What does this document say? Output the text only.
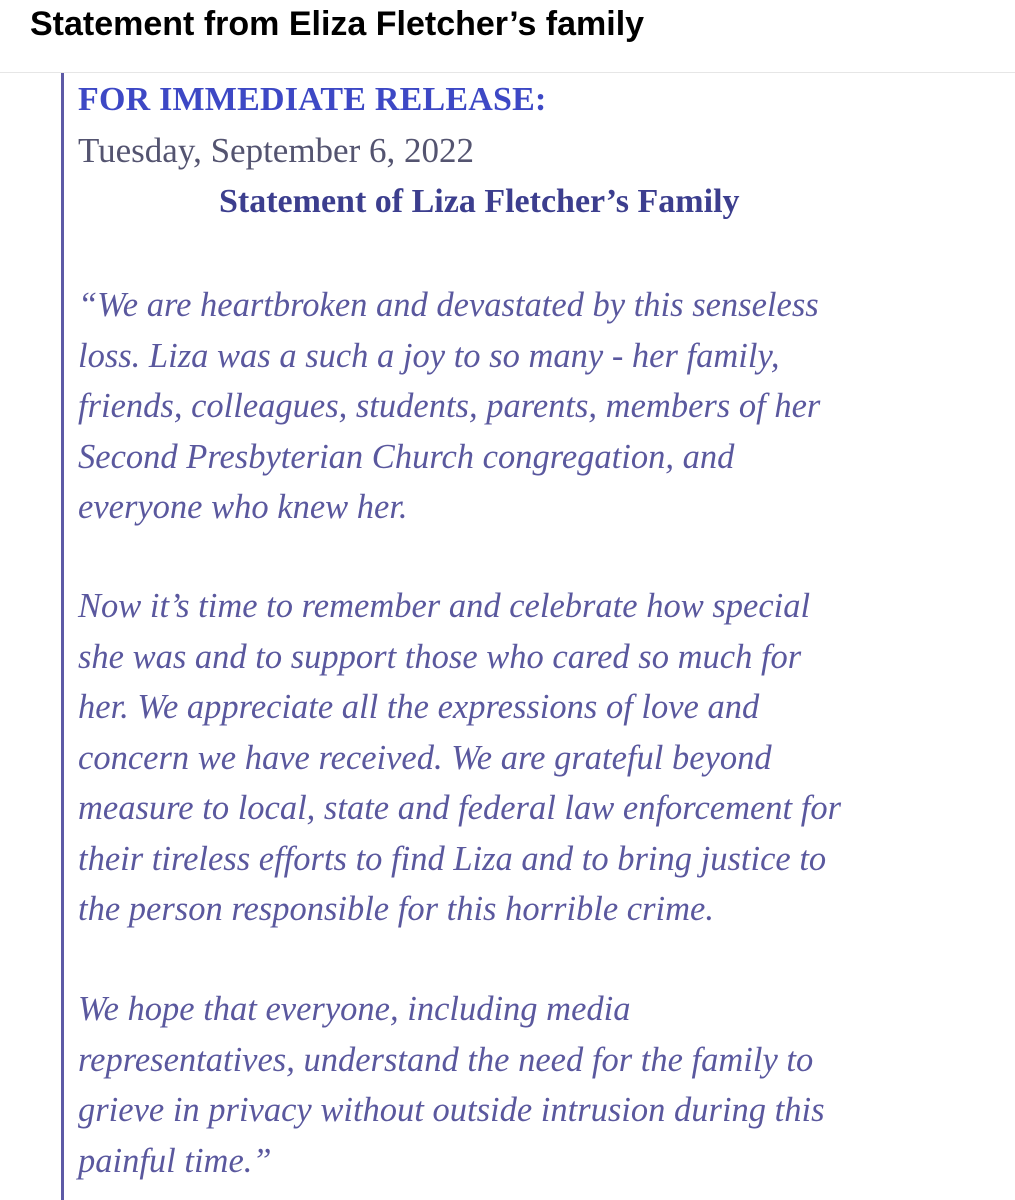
Statement from Eliza Fletcher’s family

FOR IMMEDIATE RELEASE:

Tuesday, September 6, 2022

Statement of Liza Fletcher’s Family

“We are heartbroken and devastated by this senseless
loss. Liza was a such a joy to so many - her family,
friends, colleagues, students, parents, members of her
Second Presbyterian Church congregation, and
everyone who knew her.

Now it’s time to remember and celebrate how special
she was and to support those who cared so much for
her. We appreciate all the expressions of love and
concern we have received. We are grateful beyond
measure to local, state and federal law enforcement for
their tireless efforts to find Liza and to bring justice to
the person responsible for this horrible crime.

We hope that everyone, including media
representatives, understand the need for the family to
grieve in privacy without outside intrusion during this
painful time.”
